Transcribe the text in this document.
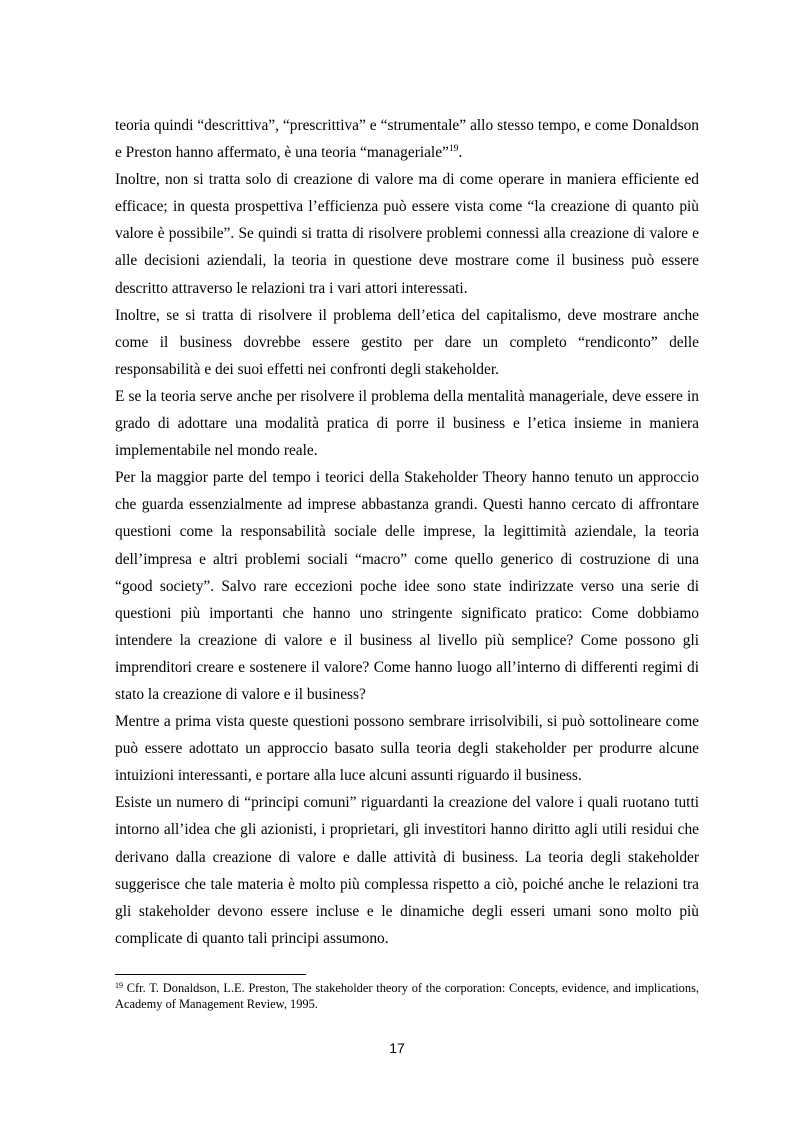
teoria quindi “descrittiva”, “prescrittiva” e “strumentale” allo stesso tempo, e come Donaldson e Preston hanno affermato, è una teoria “manageriale”$^{19}$.

Inoltre, non si tratta solo di creazione di valore ma di come operare in maniera efficiente ed efficace; in questa prospettiva l’efficienza può essere vista come “la creazione di quanto più valore è possibile”. Se quindi si tratta di risolvere problemi connessi alla creazione di valore e alle decisioni aziendali, la teoria in questione deve mostrare come il business può essere descritto attraverso le relazioni tra i vari attori interessati.

Inoltre, se si tratta di risolvere il problema dell’etica del capitalismo, deve mostrare anche come il business dovrebbe essere gestito per dare un completo “rendiconto” delle responsabilità e dei suoi effetti nei confronti degli stakeholder.

E se la teoria serve anche per risolvere il problema della mentalità manageriale, deve essere in grado di adottare una modalità pratica di porre il business e l’etica insieme in maniera implementabile nel mondo reale.

Per la maggior parte del tempo i teorici della Stakeholder Theory hanno tenuto un approccio che guarda essenzialmente ad imprese abbastanza grandi. Questi hanno cercato di affrontare questioni come la responsabilità sociale delle imprese, la legittimità aziendale, la teoria dell’impresa e altri problemi sociali “macro” come quello generico di costruzione di una “good society”. Salvo rare eccezioni poche idee sono state indirizzate verso una serie di questioni più importanti che hanno uno stringente significato pratico: Come dobbiamo intendere la creazione di valore e il business al livello più semplice? Come possono gli imprenditori creare e sostenere il valore? Come hanno luogo all’interno di differenti regimi di stato la creazione di valore e il business?

Mentre a prima vista queste questioni possono sembrare irrisolvibili, si può sottolineare come può essere adottato un approccio basato sulla teoria degli stakeholder per produrre alcune intuizioni interessanti, e portare alla luce alcuni assunti riguardo il business.

Esiste un numero di “principi comuni” riguardanti la creazione del valore i quali ruotano tutti intorno all’idea che gli azionisti, i proprietari, gli investitori hanno diritto agli utili residui che derivano dalla creazione di valore e dalle attività di business. La teoria degli stakeholder suggerisce che tale materia è molto più complessa rispetto a ciò, poiché anche le relazioni tra gli stakeholder devono essere incluse e le dinamiche degli esseri umani sono molto più complicate di quanto tali principi assumono.

$^{19}$ Cfr. T. Donaldson, L.E. Preston, The stakeholder theory of the corporation: Concepts, evidence, and implications, Academy of Management Review, 1995.
17
